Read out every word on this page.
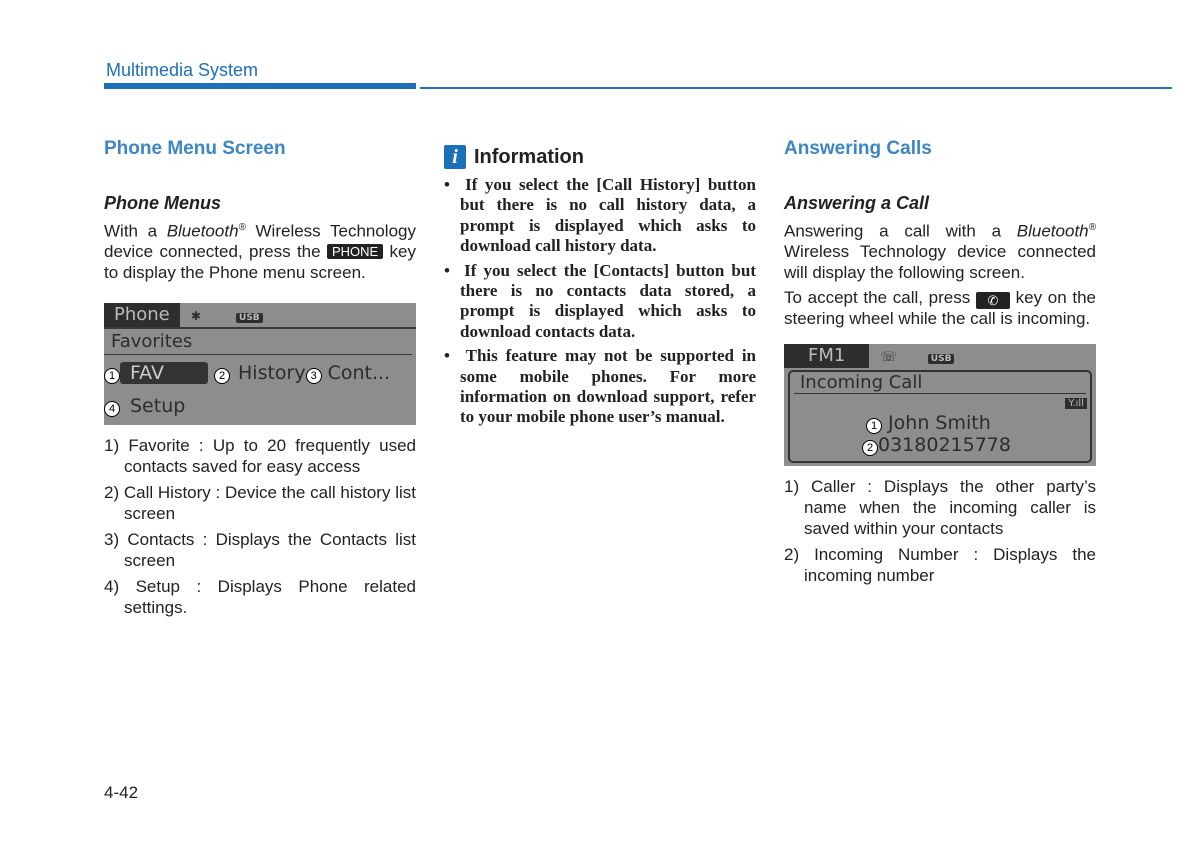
Multimedia System
Phone Menu Screen
Phone Menus

With a Bluetooth® Wireless Technology device connected, press the PHONE key to display the Phone menu screen.

Phone ✱	USB
Favorites
1 FAV	2 History 3 Cont...
4 Setup
1) Favorite : Up to 20 frequently used contacts saved for easy access
2) Call History : Device the call history list screen
3) Contacts : Displays the Contacts list screen
4) Setup : Displays Phone related settings.
i Information
•  If you select the [Call History] button but there is no call history data, a prompt is displayed which asks to download call history data.
•  If you select the [Contacts] button but there is no contacts data stored, a prompt is displayed which asks to download contacts data.
•  This feature may not be supported in some mobile phones. For more information on download support, refer to your mobile phone user’s manual.
Answering Calls
Answering a Call

Answering a call with a Bluetooth® Wireless Technology device connected will display the following screen.

To accept the call, press ✆ key on the steering wheel while the call is incoming.

FM1	☏	USB
Incoming Call
Y.ıll
1 John Smith
2 03180215778
1) Caller : Displays the other party’s name when the incoming caller is saved within your contacts
2) Incoming Number : Displays the incoming number
4-42
